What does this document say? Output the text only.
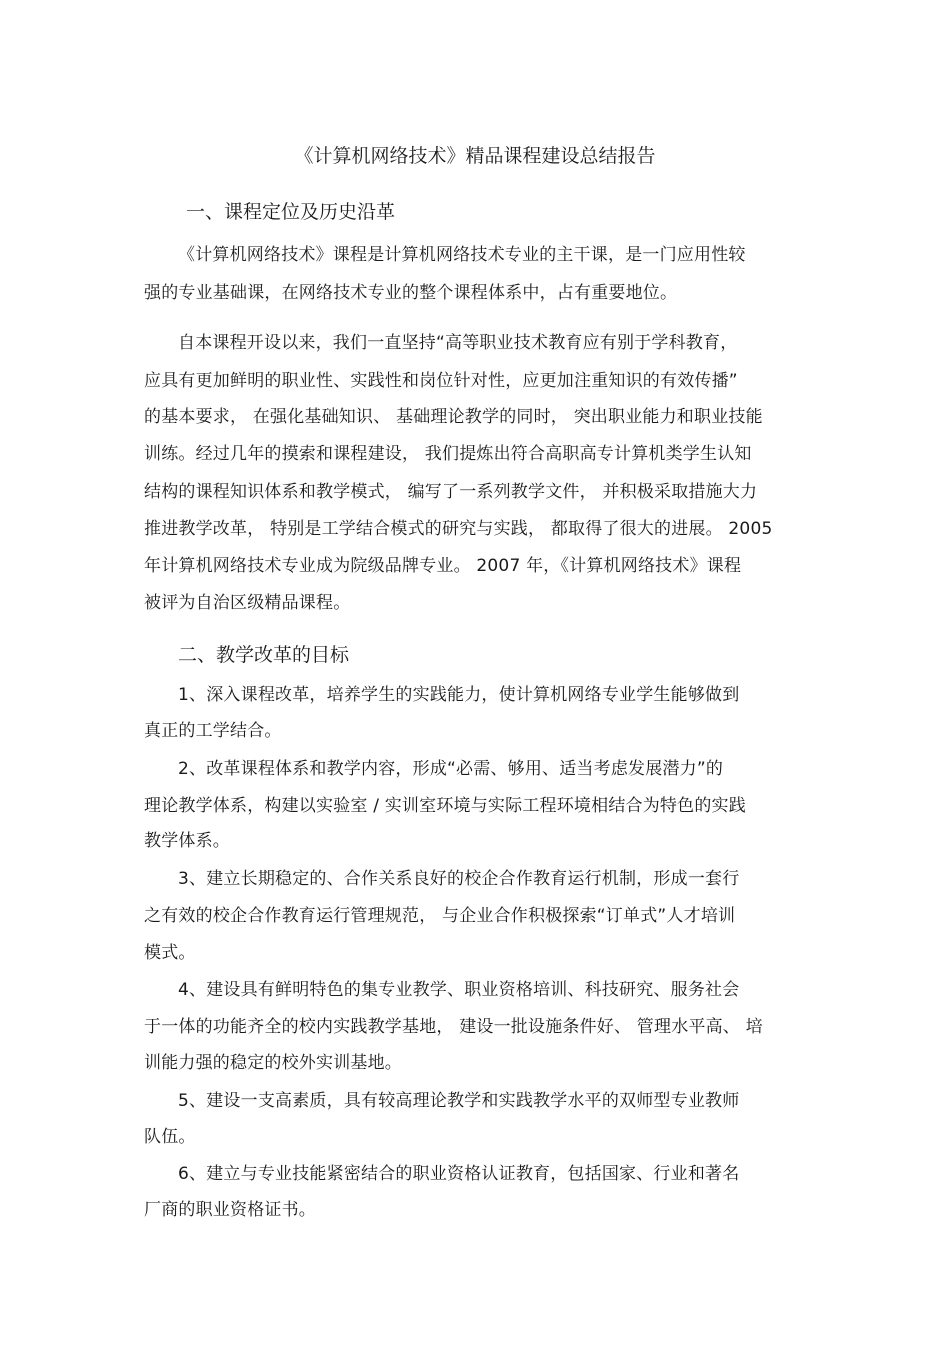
《计算机网络技术》精品课程建设总结报告
一、课程定位及历史沿革
《计算机网络技术》课程是计算机网络技术专业的主干课，是一门应用性较
强的专业基础课，在网络技术专业的整个课程体系中，占有重要地位。
自本课程开设以来，我们一直坚持“高等职业技术教育应有别于学科教育，
应具有更加鲜明的职业性、实践性和岗位针对性，应更加注重知识的有效传播”
的基本要求， 在强化基础知识、 基础理论教学的同时， 突出职业能力和职业技能
训练。经过几年的摸索和课程建设， 我们提炼出符合高职高专计算机类学生认知
结构的课程知识体系和教学模式， 编写了一系列教学文件， 并积极采取措施大力
推进教学改革， 特别是工学结合模式的研究与实践， 都取得了很大的进展。 2005
年计算机网络技术专业成为院级品牌专业。 2007 年，《计算机网络技术》课程
被评为自治区级精品课程。
二、教学改革的目标
1、深入课程改革，培养学生的实践能力，使计算机网络专业学生能够做到
真正的工学结合。
2、改革课程体系和教学内容，形成“必需、够用、适当考虑发展潜力”的
理论教学体系，构建以实验室 / 实训室环境与实际工程环境相结合为特色的实践
教学体系。
3、建立长期稳定的、合作关系良好的校企合作教育运行机制，形成一套行
之有效的校企合作教育运行管理规范， 与企业合作积极探索“订单式”人才培训
模式。
4、建设具有鲜明特色的集专业教学、职业资格培训、科技研究、服务社会
于一体的功能齐全的校内实践教学基地， 建设一批设施条件好、 管理水平高、 培
训能力强的稳定的校外实训基地。
5、建设一支高素质，具有较高理论教学和实践教学水平的双师型专业教师
队伍。
6、建立与专业技能紧密结合的职业资格认证教育，包括国家、行业和著名
厂商的职业资格证书。
